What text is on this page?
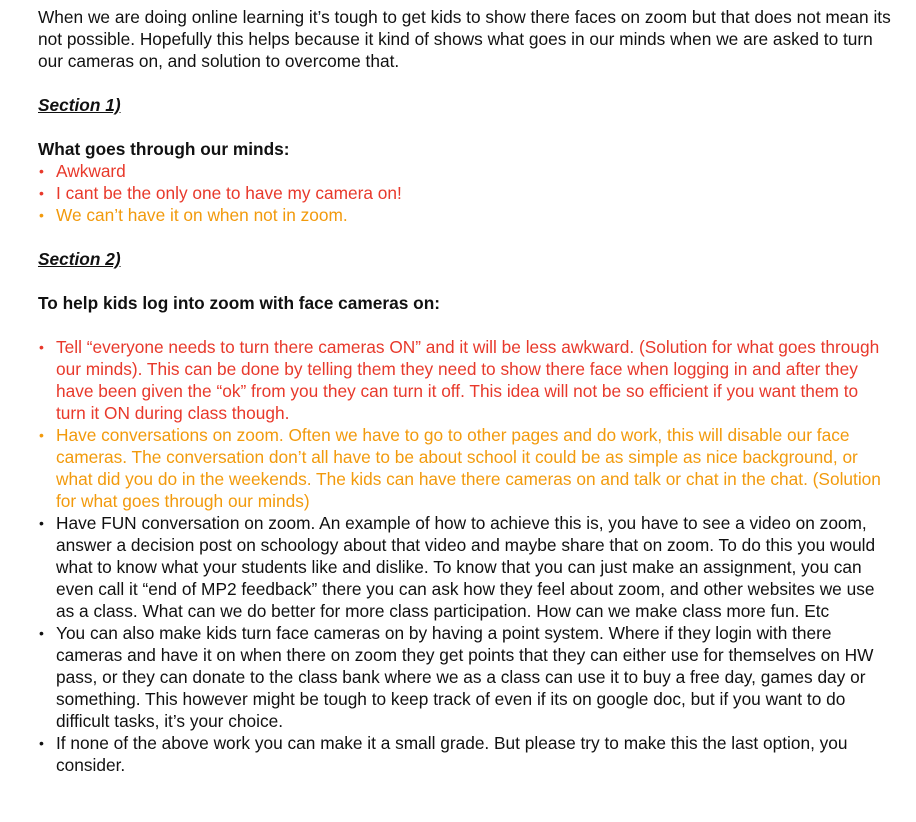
When we are doing online learning it’s tough to get kids to show there faces on zoom but that does not mean its not possible. Hopefully this helps because it kind of shows what goes in our minds when we are asked to turn our cameras on, and solution to overcome that.

Section 1)

What goes through our minds:

• Awkward
• I cant be the only one to have my camera on!
• We can’t have it on when not in zoom.

Section 2)

To help kids log into zoom with face cameras on:

• Tell “everyone needs to turn there cameras ON” and it will be less awkward. (Solution for what goes through our minds). This can be done by telling them they need to show there face when logging in and after they have been given the “ok” from you they can turn it off. This idea will not be so efficient if you want them to turn it ON during class though.
• Have conversations on zoom. Often we have to go to other pages and do work, this will disable our face cameras. The conversation don’t all have to be about school it could be as simple as nice background, or what did you do in the weekends. The kids can have there cameras on and talk or chat in the chat. (Solution for what goes through our minds)
• Have FUN conversation on zoom. An example of how to achieve this is, you have to see a video on zoom, answer a decision post on schoology about that video and maybe share that on zoom. To do this you would what to know what your students like and dislike. To know that you can just make an assignment, you can even call it “end of MP2 feedback” there you can ask how they feel about zoom, and other websites we use as a class. What can we do better for more class participation. How can we make class more fun. Etc
• You can also make kids turn face cameras on by having a point system. Where if they login with there cameras and have it on when there on zoom they get points that they can either use for themselves on HW pass, or they can donate to the class bank where we as a class can use it to buy a free day, games day or something. This however might be tough to keep track of even if its on google doc, but if you want to do difficult tasks, it’s your choice.
• If none of the above work you can make it a small grade. But please try to make this the last option, you consider.
